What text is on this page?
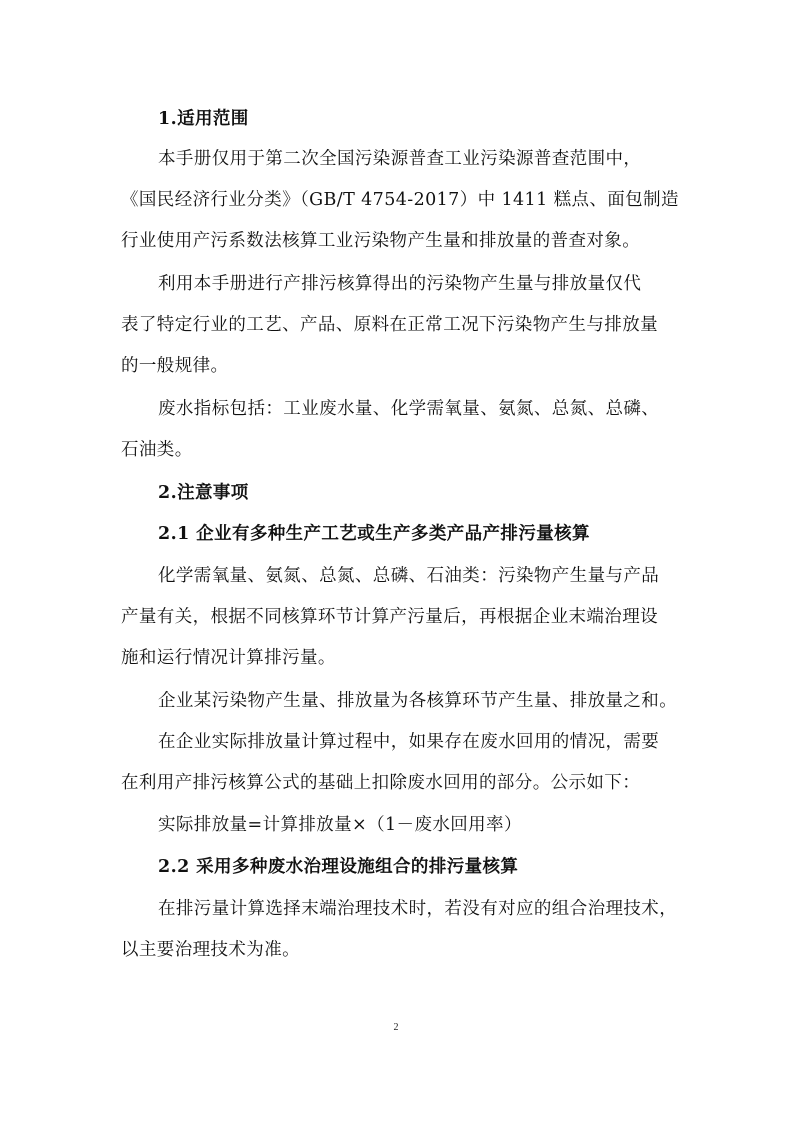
1.适用范围
本手册仅用于第二次全国污染源普查工业污染源普查范围中，
《国民经济行业分类》（GB/T 4754-2017）中 1411 糕点、面包制造
行业使用产污系数法核算工业污染物产生量和排放量的普查对象。
利用本手册进行产排污核算得出的污染物产生量与排放量仅代
表了特定行业的工艺、产品、原料在正常工况下污染物产生与排放量
的一般规律。
废水指标包括：工业废水量、化学需氧量、氨氮、总氮、总磷、
石油类。
2.注意事项
2.1 企业有多种生产工艺或生产多类产品产排污量核算
化学需氧量、氨氮、总氮、总磷、石油类：污染物产生量与产品
产量有关，根据不同核算环节计算产污量后，再根据企业末端治理设
施和运行情况计算排污量。
企业某污染物产生量、排放量为各核算环节产生量、排放量之和。
在企业实际排放量计算过程中，如果存在废水回用的情况，需要
在利用产排污核算公式的基础上扣除废水回用的部分。公示如下：
实际排放量=计算排放量×（1－废水回用率）
2.2 采用多种废水治理设施组合的排污量核算
在排污量计算选择末端治理技术时，若没有对应的组合治理技术，
以主要治理技术为准。
2
